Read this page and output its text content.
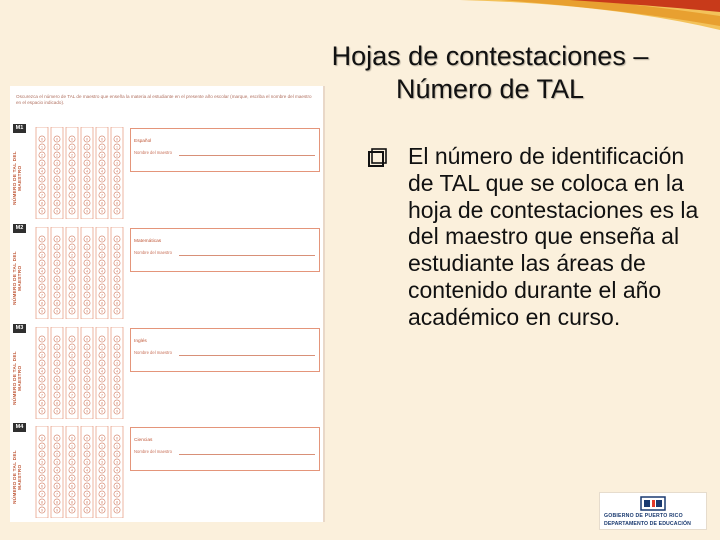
Hojas de contestaciones –
Número de TAL
El número de identificación de TAL que se coloca en la hoja de contestaciones es la del maestro que enseña al estudiante las áreas de contenido durante el año académico en curso.
Oscurezca el número de TAL de maestro que enseña la materia al estudiante en el presente año escolar (marque, escriba el nombre del maestro en el espacio indicado).
M1
NÚMERO DE TAL DEL MAESTRO
0
1
2
3
4
5
6
7
8
9
0
1
2
3
4
5
6
7
8
9
0
1
2
3
4
5
6
7
8
9
0
1
2
3
4
5
6
7
8
9
0
1
2
3
4
5
6
7
8
9
0
1
2
3
4
5
6
7
8
9
Español
Nombre del maestro
M2
NÚMERO DE TAL DEL MAESTRO
0
1
2
3
4
5
6
7
8
9
0
1
2
3
4
5
6
7
8
9
0
1
2
3
4
5
6
7
8
9
0
1
2
3
4
5
6
7
8
9
0
1
2
3
4
5
6
7
8
9
0
1
2
3
4
5
6
7
8
9
Matemáticas
Nombre del maestro
M3
NÚMERO DE TAL DEL MAESTRO
0
1
2
3
4
5
6
7
8
9
0
1
2
3
4
5
6
7
8
9
0
1
2
3
4
5
6
7
8
9
0
1
2
3
4
5
6
7
8
9
0
1
2
3
4
5
6
7
8
9
0
1
2
3
4
5
6
7
8
9
Inglés
Nombre del maestro
M4
NÚMERO DE TAL DEL MAESTRO
0
1
2
3
4
5
6
7
8
9
0
1
2
3
4
5
6
7
8
9
0
1
2
3
4
5
6
7
8
9
0
1
2
3
4
5
6
7
8
9
0
1
2
3
4
5
6
7
8
9
0
1
2
3
4
5
6
7
8
9
Ciencias
Nombre del maestro
GOBIERNO DE PUERTO RICO
DEPARTAMENTO DE EDUCACIÓN
